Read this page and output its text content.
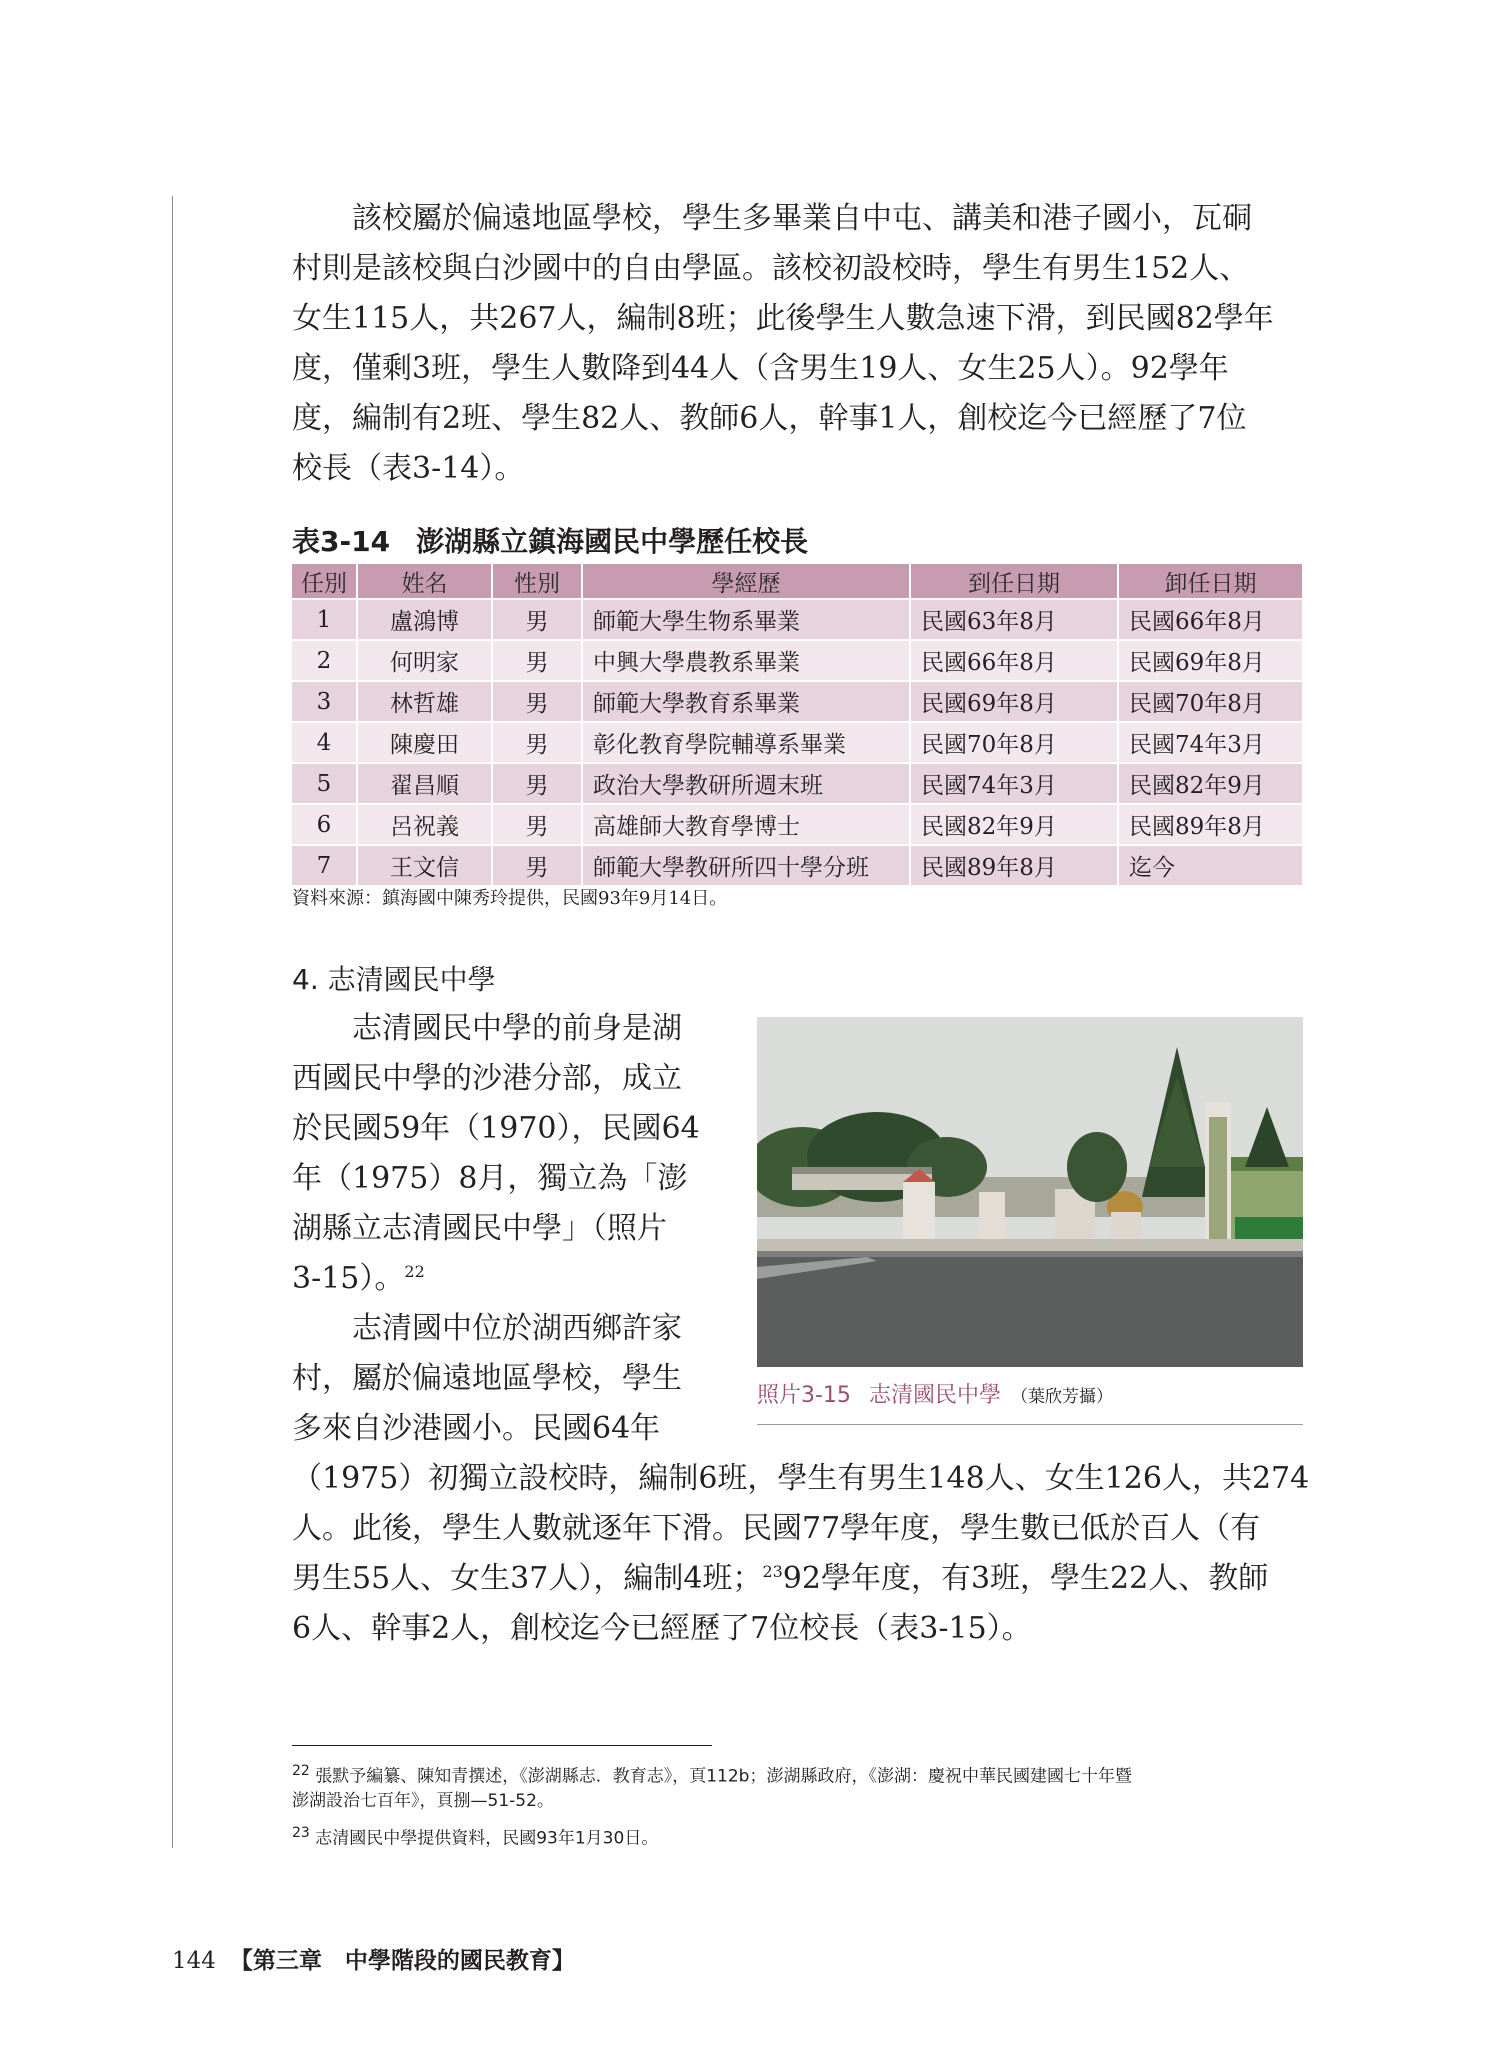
該校屬於偏遠地區學校，學生多畢業自中屯、講美和港子國小，瓦硐
村則是該校與白沙國中的自由學區。該校初設校時，學生有男生152人、
女生115人，共267人，編制8班；此後學生人數急速下滑，到民國82學年
度，僅剩3班，學生人數降到44人（含男生19人、女生25人）。92學年
度，編制有2班、學生82人、教師6人，幹事1人，創校迄今已經歷了7位
校長（表3-14）。
表3-14 澎湖縣立鎮海國民中學歷任校長
任別	姓名	性別	學經歷	到任日期	卸任日期
1	盧鴻博	男	師範大學生物系畢業	民國63年8月	民國66年8月
2	何明家	男	中興大學農教系畢業	民國66年8月	民國69年8月
3	林哲雄	男	師範大學教育系畢業	民國69年8月	民國70年8月
4	陳慶田	男	彰化教育學院輔導系畢業	民國70年8月	民國74年3月
5	翟昌順	男	政治大學教研所週末班	民國74年3月	民國82年9月
6	呂祝義	男	高雄師大教育學博士	民國82年9月	民國89年8月
7	王文信	男	師範大學教研所四十學分班	民國89年8月	迄今
資料來源：鎮海國中陳秀玲提供，民國93年9月14日。
4. 志清國民中學
志清國民中學的前身是湖
西國民中學的沙港分部，成立
於民國59年（1970），民國64
年（1975）8月，獨立為「澎
湖縣立志清國民中學」（照片
3-15）。$^{22}$
志清國中位於湖西鄉許家
村，屬於偏遠地區學校，學生
多來自沙港國小。民國64年
（1975）初獨立設校時，編制6班，學生有男生148人、女生126人，共274
人。此後，學生人數就逐年下滑。民國77學年度，學生數已低於百人（有
男生55人、女生37人），編制4班；$^{23}$92學年度，有3班，學生22人、教師
6人、幹事2人，創校迄今已經歷了7位校長（表3-15）。
照片3-15 志清國民中學 （葉欣芳攝）
$^{22}$ 張默予編纂、陳知青撰述，《澎湖縣志．教育志》，頁112b；澎湖縣政府，《澎湖：慶祝中華民國建國七十年暨
澎湖設治七百年》，頁捌—51-52。
$^{23}$ 志清國民中學提供資料，民國93年1月30日。
144 【第三章　中學階段的國民教育】
